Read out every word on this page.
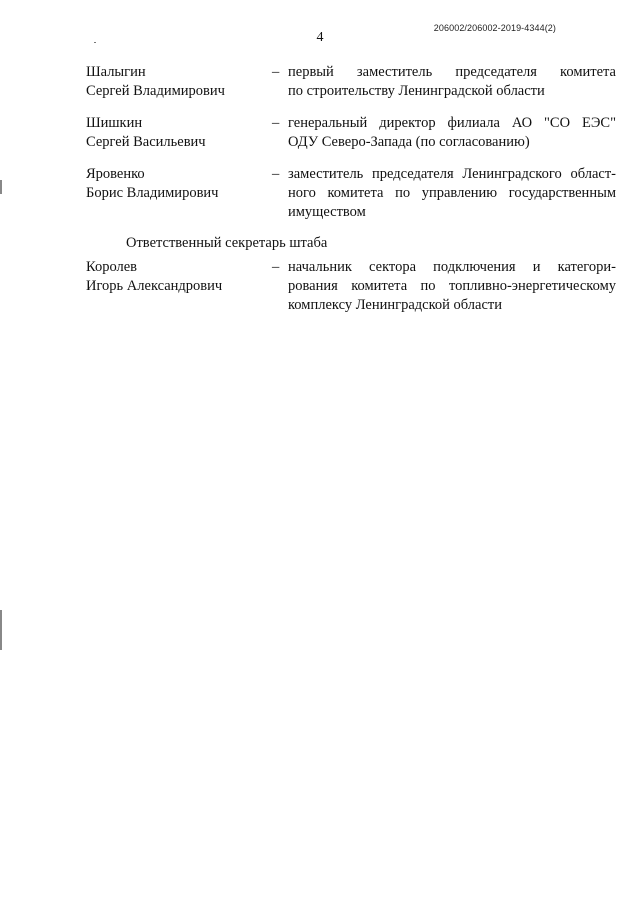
206002/206002-2019-4344(2)
4
Шалыгин
Сергей Владимирович
– первый заместитель председателя комитета
по строительству Ленинградской области
Шишкин
Сергей Васильевич
– генеральный директор филиала АО "СО ЕЭС"
ОДУ Северо-Запада (по согласованию)
Яровенко
Борис Владимирович
– заместитель председателя Ленинградского област-
ного комитета по управлению государственным
имуществом
Ответственный секретарь штаба
Королев
Игорь Александрович
– начальник сектора подключения и категори-
рования комитета по топливно-энергетическому
комплексу Ленинградской области
